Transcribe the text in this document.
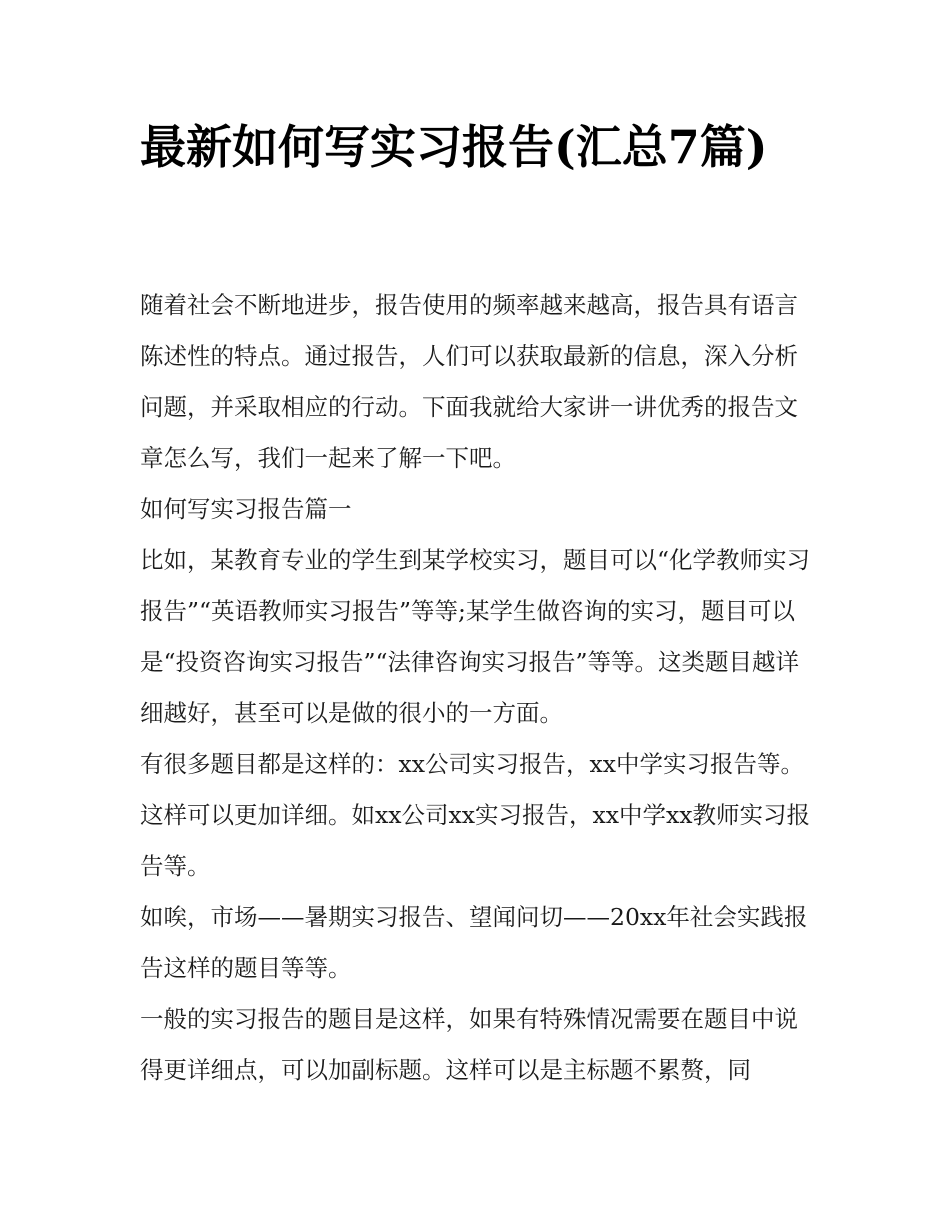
最新如何写实习报告(汇总7篇)

随着社会不断地进步，报告使用的频率越来越高，报告具有语言陈述性的特点。通过报告，人们可以获取最新的信息，深入分析问题，并采取相应的行动。下面我就给大家讲一讲优秀的报告文章怎么写，我们一起来了解一下吧。

如何写实习报告篇一

比如，某教育专业的学生到某学校实习，题目可以“化学教师实习报告”“英语教师实习报告”等等;某学生做咨询的实习，题目可以是“投资咨询实习报告”“法律咨询实习报告”等等。这类题目越详细越好，甚至可以是做的很小的一方面。

有很多题目都是这样的：xx公司实习报告，xx中学实习报告等。 这样可以更加详细。如xx公司xx实习报告，xx中学xx教师实习报告等。

如唉，市场——暑期实习报告、望闻问切——20xx年社会实践报告这样的题目等等。

一般的实习报告的题目是这样，如果有特殊情况需要在题目中说得更详细点，可以加副标题。这样可以是主标题不累赘，同
